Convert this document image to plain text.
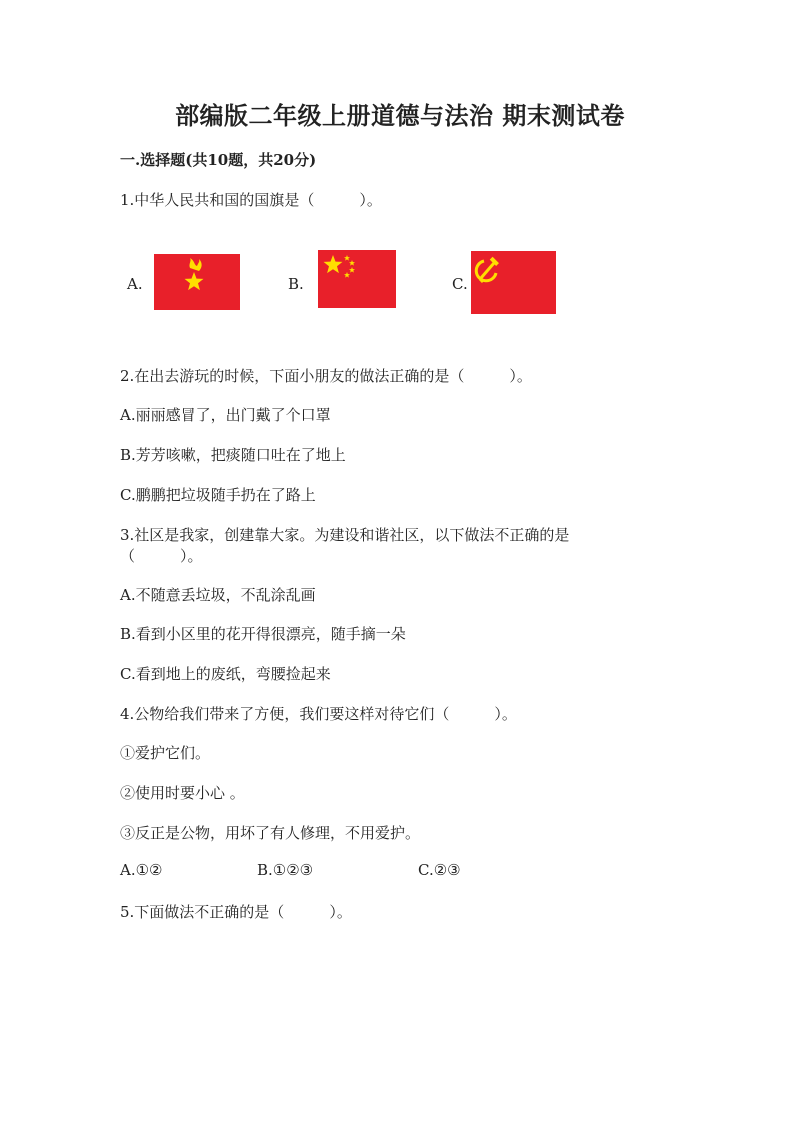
部编版二年级上册道德与法治 期末测试卷
一.选择题(共10题，共20分)
1.中华人民共和国的国旗是（　　　）。
A.	B.	C.
2.在出去游玩的时候，下面小朋友的做法正确的是（　　　）。
A.丽丽感冒了，出门戴了个口罩
B.芳芳咳嗽，把痰随口吐在了地上
C.鹏鹏把垃圾随手扔在了路上
3.社区是我家，创建靠大家。为建设和谐社区，以下做法不正确的是
（　　　）。
A.不随意丢垃圾，不乱涂乱画
B.看到小区里的花开得很漂亮，随手摘一朵
C.看到地上的废纸，弯腰捡起来
4.公物给我们带来了方便，我们要这样对待它们（　　　）。
①爱护它们。
②使用时要小心 。
③反正是公物，用坏了有人修理，不用爱护。
A.①②	B.①②③	C.②③
5.下面做法不正确的是（　　　）。
